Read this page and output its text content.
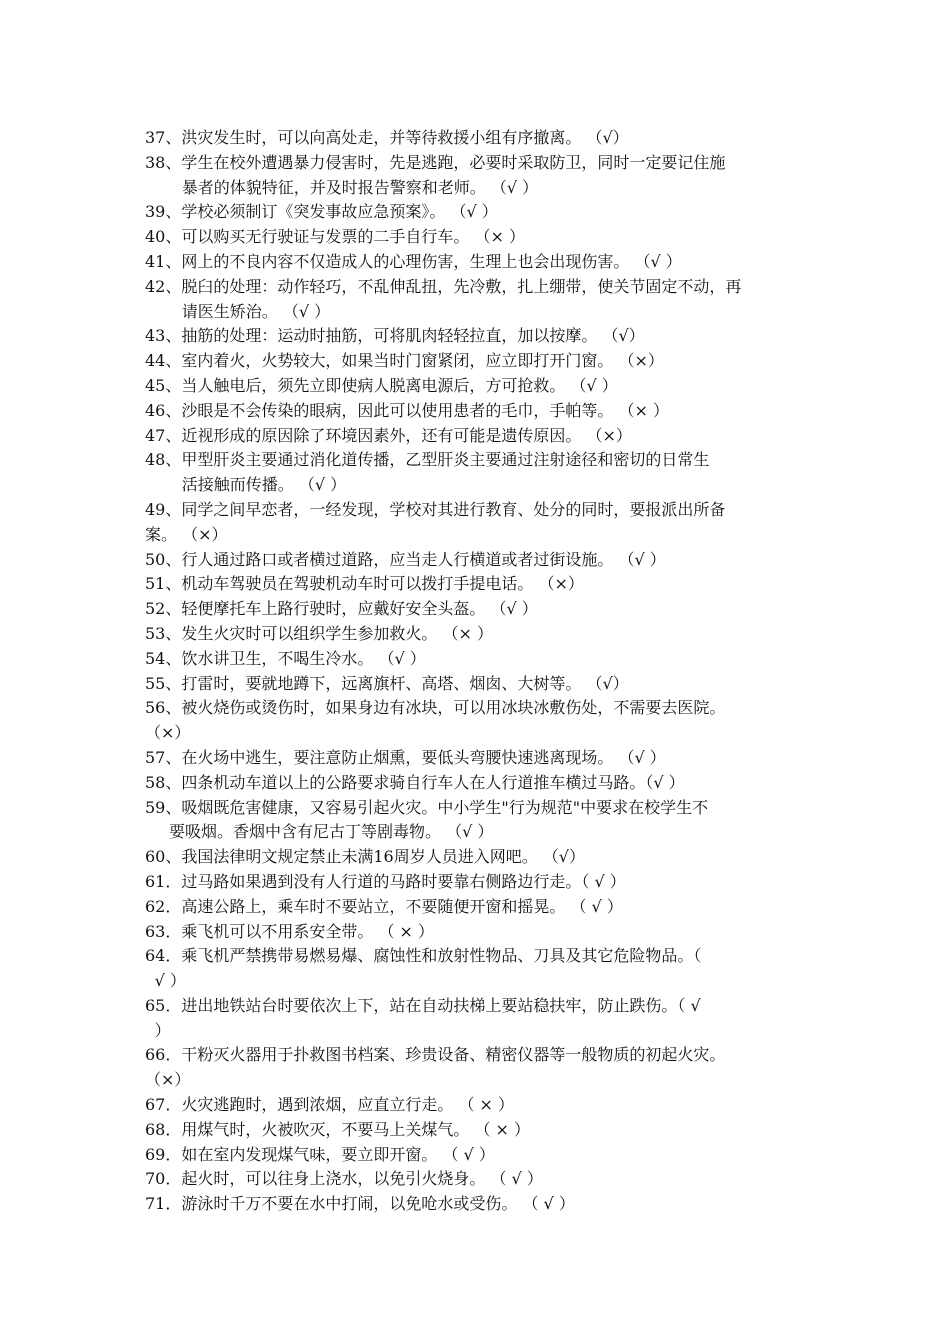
37、洪灾发生时，可以向高处走，并等待救援小组有序撤离。 （√）
38、学生在校外遭遇暴力侵害时，先是逃跑，必要时采取防卫，同时一定要记住施
暴者的体貌特征，并及时报告警察和老师。 （√ ）
39、学校必须制订《突发事故应急预案》。 （√ ）
40、可以购买无行驶证与发票的二手自行车。 （× ）
41、网上的不良内容不仅造成人的心理伤害，生理上也会出现伤害。 （√ ）
42、脱臼的处理：动作轻巧，不乱伸乱扭，先冷敷，扎上绷带，使关节固定不动，再
请医生矫治。 （√ ）
43、抽筋的处理：运动时抽筋，可将肌肉轻轻拉直，加以按摩。 （√）
44、室内着火，火势较大，如果当时门窗紧闭，应立即打开门窗。 （×）
45、当人触电后，须先立即使病人脱离电源后，方可抢救。 （√ ）
46、沙眼是不会传染的眼病，因此可以使用患者的毛巾，手帕等。 （× ）
47、近视形成的原因除了环境因素外，还有可能是遗传原因。 （×）
48、甲型肝炎主要通过消化道传播，乙型肝炎主要通过注射途径和密切的日常生
活接触而传播。 （√ ）
49、同学之间早恋者，一经发现，学校对其进行教育、处分的同时，要报派出所备
案。 （×）
50、行人通过路口或者横过道路，应当走人行横道或者过街设施。 （√ ）
51、机动车驾驶员在驾驶机动车时可以拨打手提电话。 （×）
52、轻便摩托车上路行驶时，应戴好安全头盔。 （√ ）
53、发生火灾时可以组织学生参加救火。 （× ）
54、饮水讲卫生，不喝生冷水。 （√ ）
55、打雷时，要就地蹲下，远离旗杆、高塔、烟囱、大树等。 （√）
56、被火烧伤或烫伤时，如果身边有冰块，可以用冰块冰敷伤处，不需要去医院。
（×）
57、在火场中逃生，要注意防止烟熏，要低头弯腰快速逃离现场。 （√ ）
58、四条机动车道以上的公路要求骑自行车人在人行道推车横过马路。（√ ）
59、吸烟既危害健康，又容易引起火灾。中小学生"行为规范"中要求在校学生不
要吸烟。香烟中含有尼古丁等剧毒物。 （√ ）
60、我国法律明文规定禁止未满16周岁人员进入网吧。 （√）
61．过马路如果遇到没有人行道的马路时要靠右侧路边行走。（ √ ）
62．高速公路上，乘车时不要站立，不要随便开窗和摇晃。 （ √ ）
63．乘飞机可以不用系安全带。 （ × ）
64．乘飞机严禁携带易燃易爆、腐蚀性和放射性物品、刀具及其它危险物品。（
√ ）
65．进出地铁站台时要依次上下，站在自动扶梯上要站稳扶牢，防止跌伤。（ √
）
66．干粉灭火器用于扑救图书档案、珍贵设备、精密仪器等一般物质的初起火灾。
（×）
67．火灾逃跑时，遇到浓烟，应直立行走。 （ × ）
68．用煤气时，火被吹灭，不要马上关煤气。 （ × ）
69．如在室内发现煤气味，要立即开窗。 （ √ ）
70．起火时，可以往身上浇水，以免引火烧身。 （ √ ）
71．游泳时千万不要在水中打闹，以免呛水或受伤。 （ √ ）
